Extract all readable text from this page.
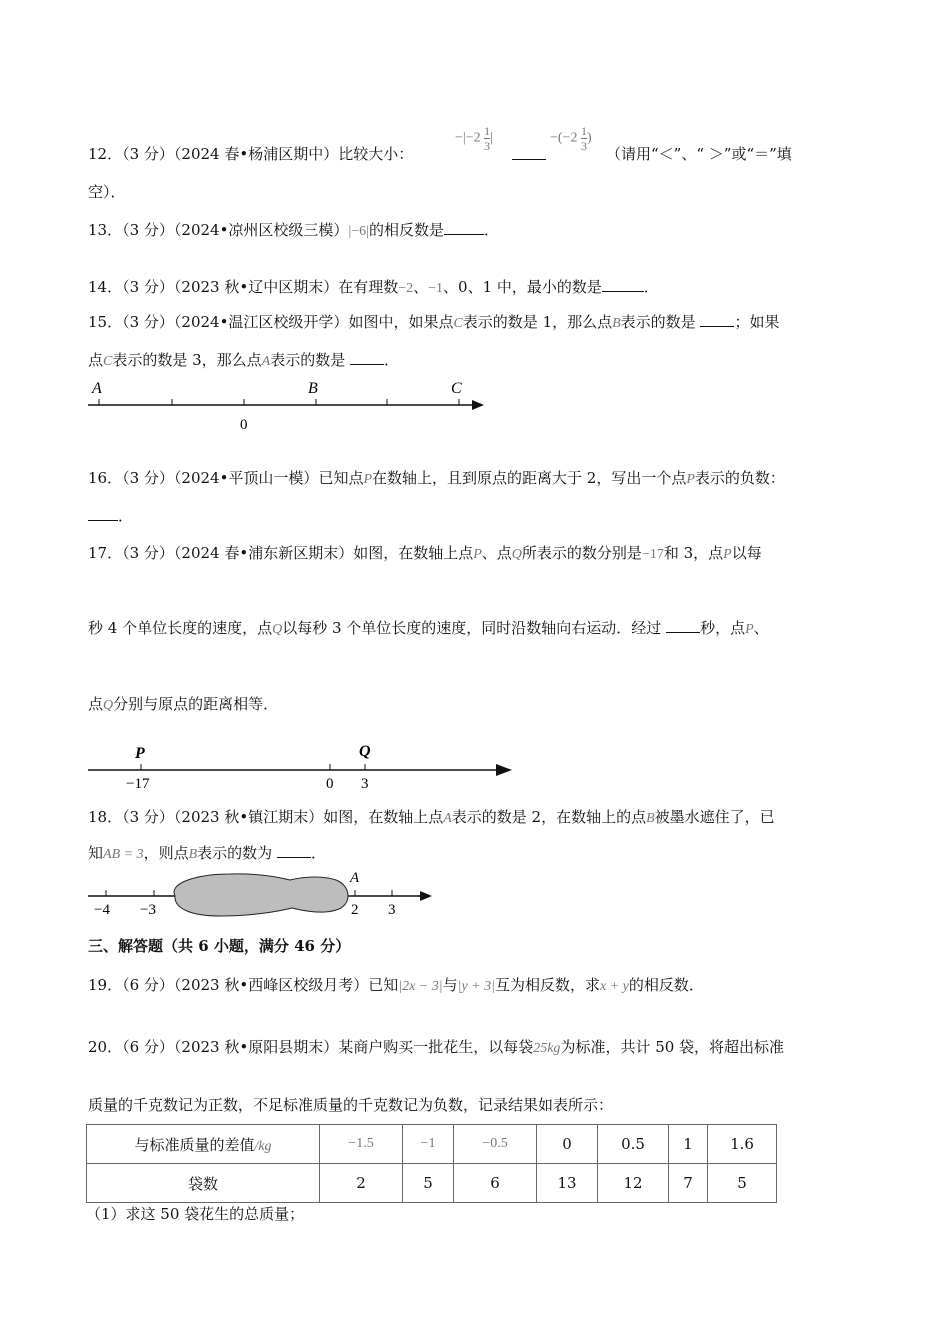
12．（3 分）（2024 春•杨浦区期中）比较大小：
$-|-2 \frac{1}{3}$ |	$-(-2 \frac{1}{3}$ )
（请用“＜”、“ ＞”或“＝”填
空）．
13．（3 分）（2024•凉州区校级三模）|−6|的相反数是	．
14．（3 分）（2023 秋•辽中区期末）在有理数−2、−1、0、1 中，最小的数是	．
15．（3 分）（2024•温江区校级开学）如图中，如果点C表示的数是 1，那么点B表示的数是	；如果
点C表示的数是 3，那么点A表示的数是	．
A	B	C
0
16．（3 分）（2024•平顶山一模）已知点P在数轴上，且到原点的距离大于 2，写出一个点P表示的负数：
．
17．（3 分）（2024 春•浦东新区期末）如图，在数轴上点P、点Q所表示的数分别是−17和 3，点P以每
秒 4 个单位长度的速度，点Q以每秒 3 个单位长度的速度，同时沿数轴向右运动．经过	秒，点P、
点Q分别与原点的距离相等．
P	Q
−17	0 3
18．（3 分）（2023 秋•镇江期末）如图，在数轴上点A表示的数是 2，在数轴上的点B被墨水遮住了，已
知AB = 3，则点B表示的数为	．
−4 −3	2 3
A
三、解答题（共 6 小题，满分 46 分）
19．（6 分）（2023 秋•西峰区校级月考）已知|2x − 3|与|y + 3|互为相反数，求x + y的相反数．
20．（6 分）（2023 秋•原阳县期末）某商户购买一批花生，以每袋25kg为标准，共计 50 袋，将超出标准
质量的千克数记为正数，不足标准质量的千克数记为负数，记录结果如表所示：
与标准质量的差值/kg	−1.5	−1	−0.5	0	0.5	1	1.6
袋数	2	5	6	13	12	7	5
（1）求这 50 袋花生的总质量；
